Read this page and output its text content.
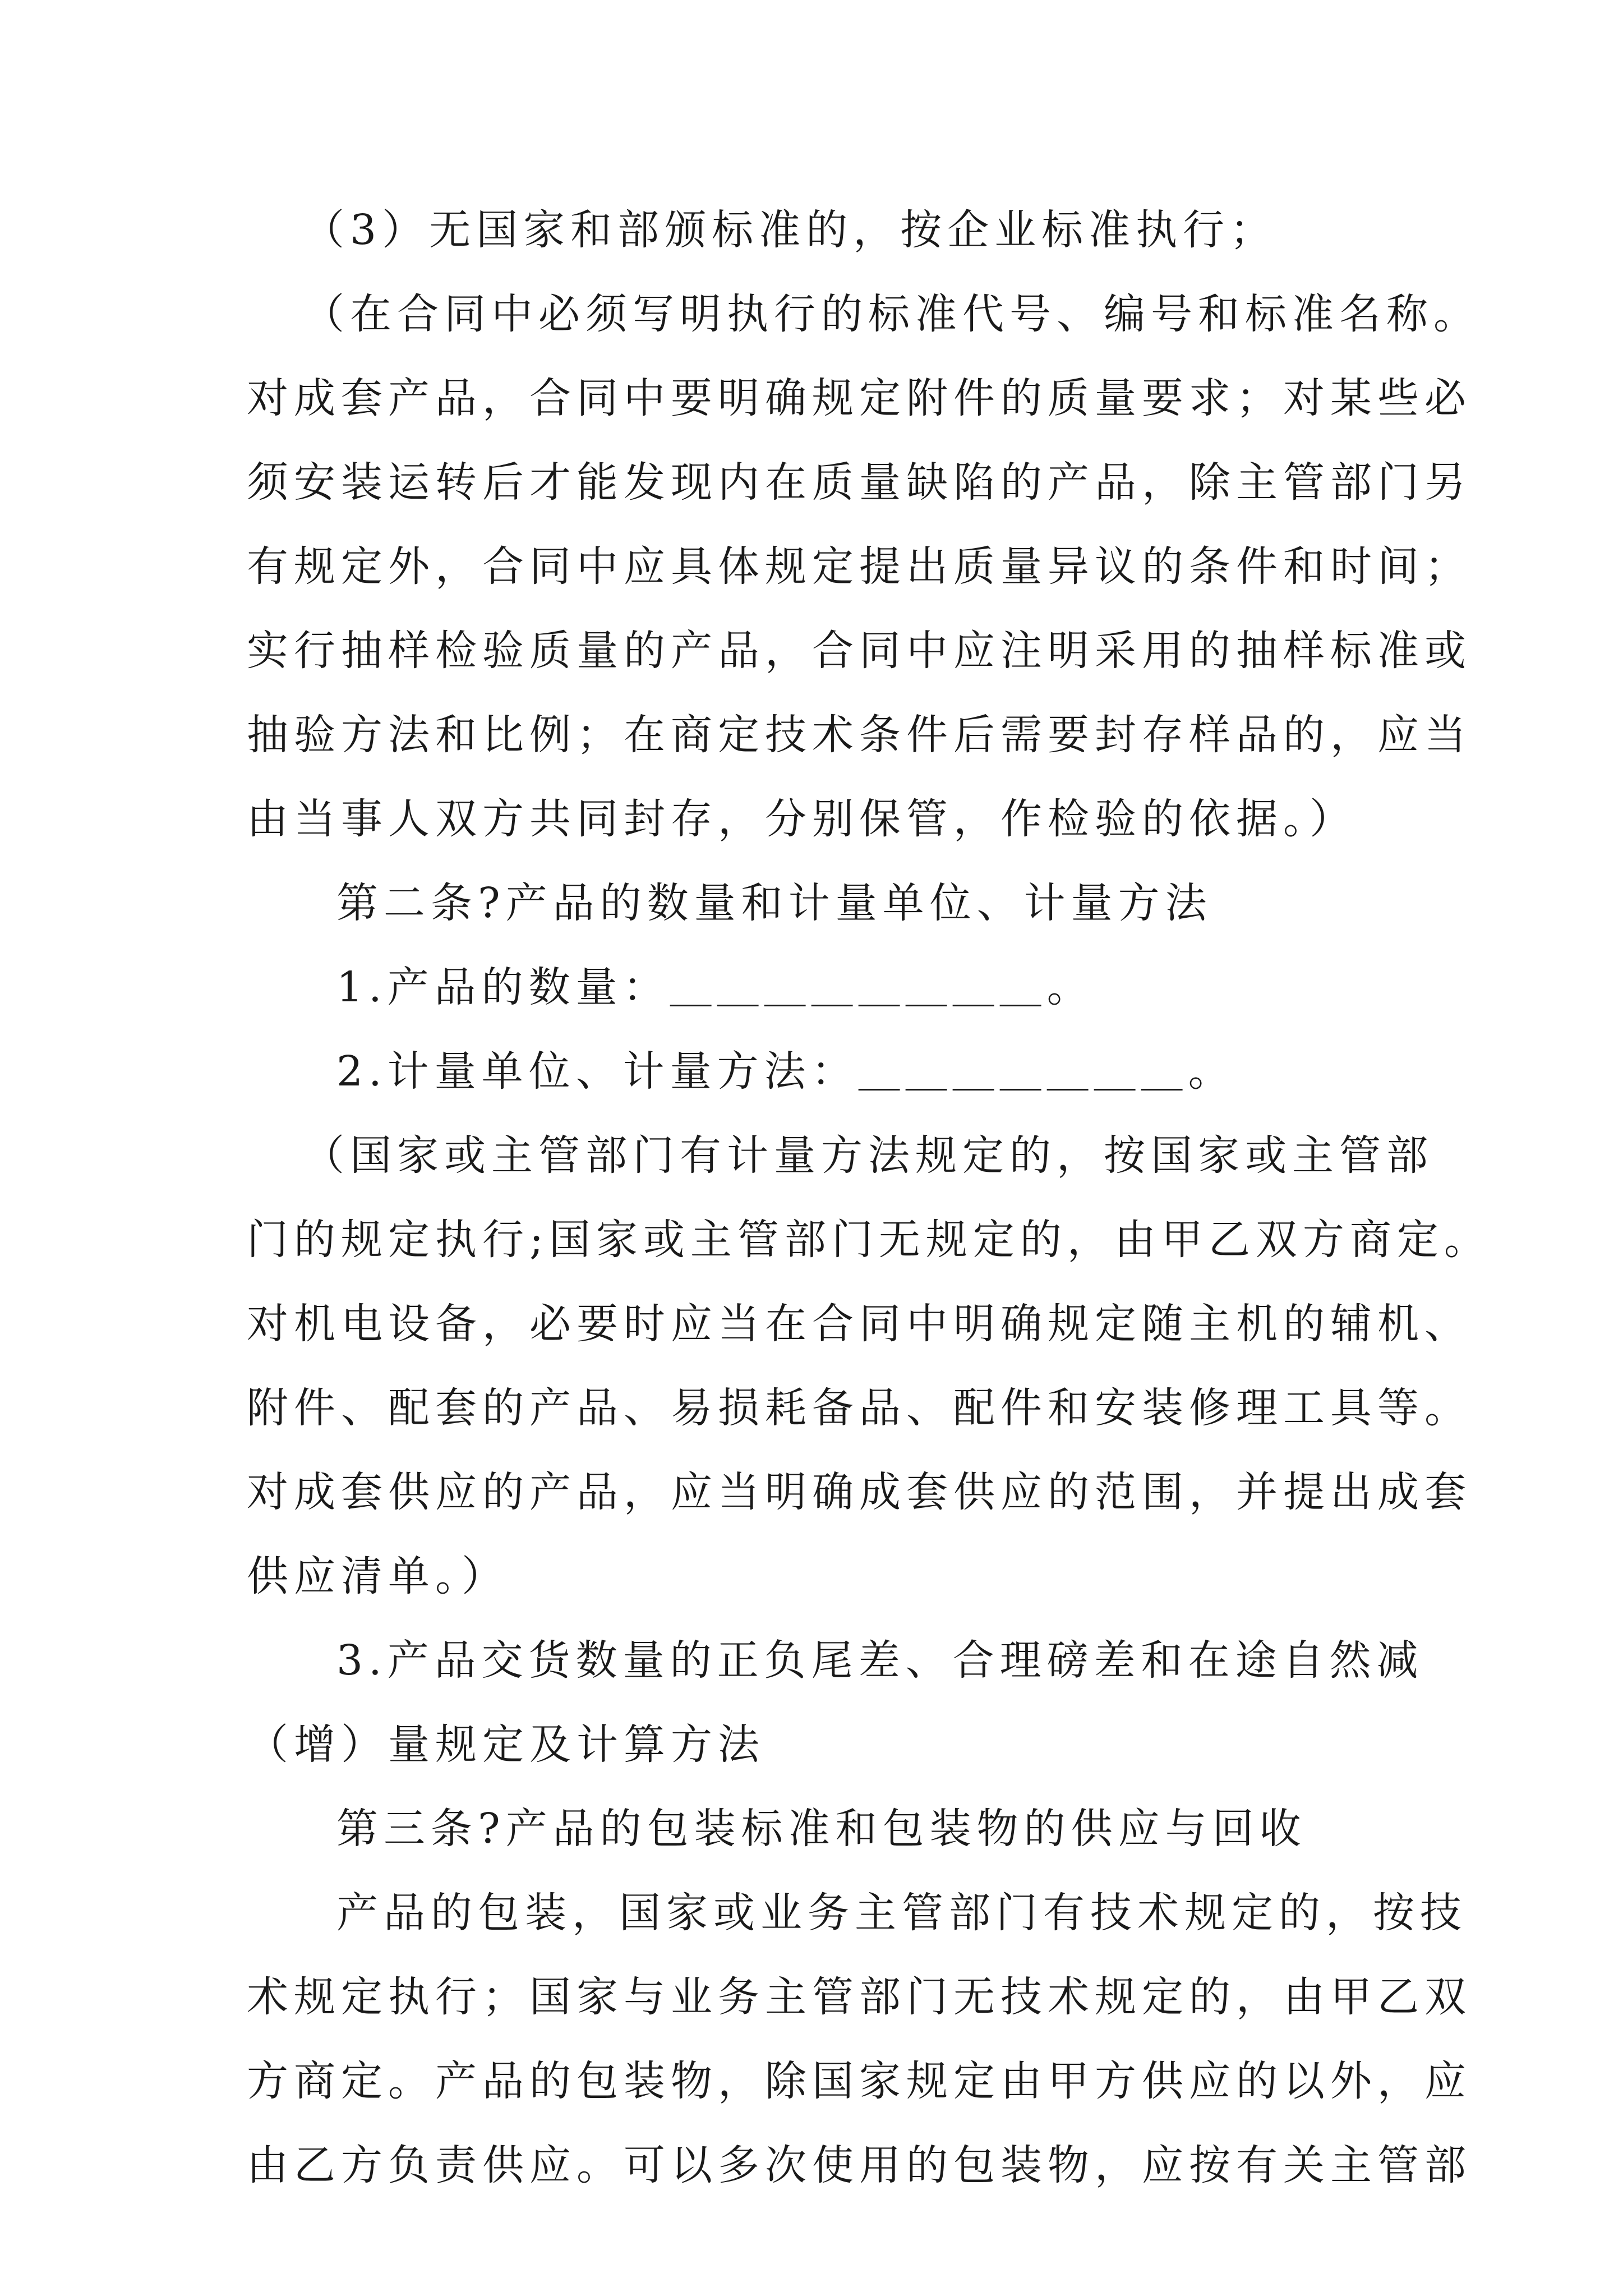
（3）无国家和部颁标准的，按企业标准执行；
（在合同中必须写明执行的标准代号、编号和标准名称。
对成套产品，合同中要明确规定附件的质量要求；对某些必
须安装运转后才能发现内在质量缺陷的产品，除主管部门另
有规定外，合同中应具体规定提出质量异议的条件和时间；
实行抽样检验质量的产品，合同中应注明采用的抽样标准或
抽验方法和比例；在商定技术条件后需要封存样品的，应当
由当事人双方共同封存，分别保管，作检验的依据。）
第二条?产品的数量和计量单位、计量方法
1.产品的数量：＿＿＿＿＿＿＿＿。
2.计量单位、计量方法：＿＿＿＿＿＿＿。
（国家或主管部门有计量方法规定的，按国家或主管部
门的规定执行;国家或主管部门无规定的，由甲乙双方商定。
对机电设备，必要时应当在合同中明确规定随主机的辅机、
附件、配套的产品、易损耗备品、配件和安装修理工具等。
对成套供应的产品，应当明确成套供应的范围，并提出成套
供应清单。）
3.产品交货数量的正负尾差、合理磅差和在途自然减
（增）量规定及计算方法
第三条?产品的包装标准和包装物的供应与回收
产品的包装，国家或业务主管部门有技术规定的，按技
术规定执行；国家与业务主管部门无技术规定的，由甲乙双
方商定。产品的包装物，除国家规定由甲方供应的以外，应
由乙方负责供应。可以多次使用的包装物，应按有关主管部
